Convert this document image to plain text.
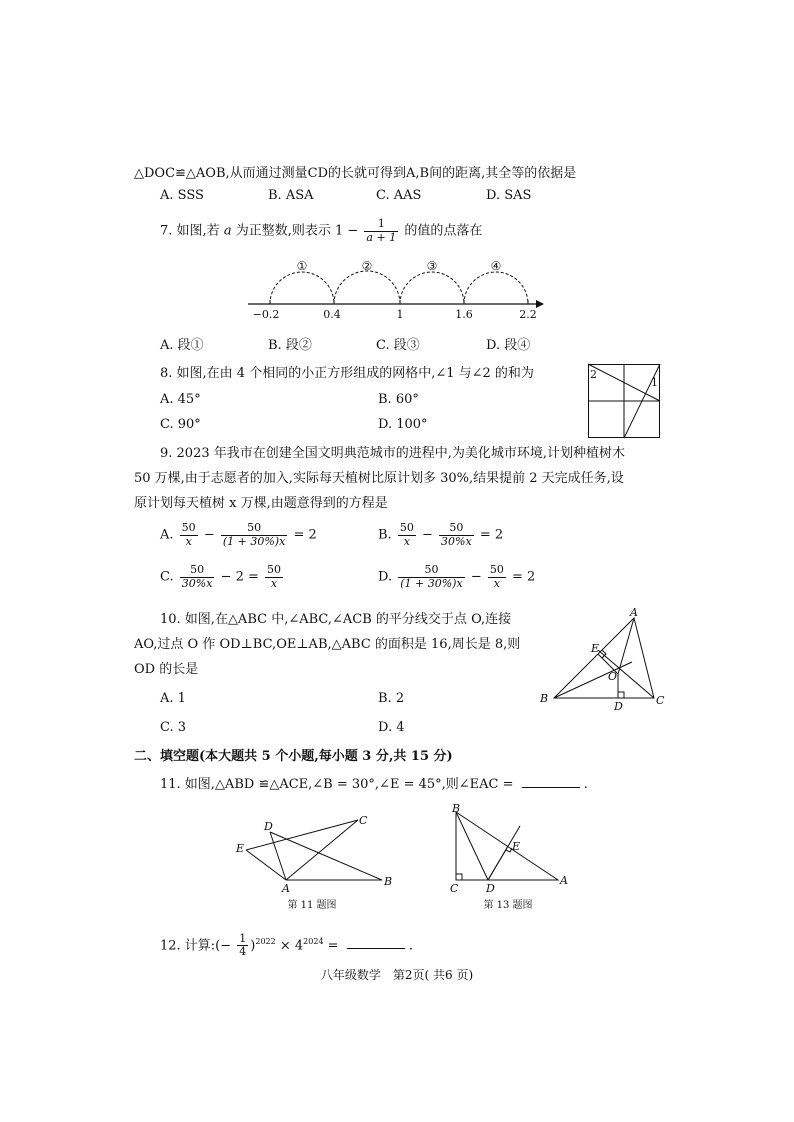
△DOC≌△AOB,从而通过测量CD的长就可得到A,B间的距离,其全等的依据是
A. SSS	B. ASA	C. AAS	D. SAS
7. 如图,若 a 为正整数,则表示 $1 - \frac{1}{a + 1}$ 的值的点落在
①	②	③	④
−0.2	0.4	1	1.6	2.2
A. 段①	B. 段②	C. 段③	D. 段④
8. 如图,在由 4 个相同的小正方形组成的网格中,∠1 与∠2 的和为
A. 45°	B. 60°
C. 90°	D. 100°
2
1
9. 2023 年我市在创建全国文明典范城市的进程中,为美化城市环境,计划种植树木
50 万棵,由于志愿者的加入,实际每天植树比原计划多 30%,结果提前 2 天完成任务,设
原计划每天植树 x 万棵,由题意得到的方程是
A. $\frac{50}{x} - \frac{50}{(1 + 30\%)x} = 2$	B. $\frac{50}{x} - \frac{50}{30\%x} = 2$
C. $\frac{50}{30\%x} - 2 = \frac{50}{x}$	D. $\frac{50}{(1 + 30\%)x} - \frac{50}{x} = 2$
10. 如图,在△ABC 中,∠ABC,∠ACB 的平分线交于点 O,连接
AO,过点 O 作 OD⊥BC,OE⊥AB,△ABC 的面积是 16,周长是 8,则
OD 的长是
A. 1	B. 2
C. 3	D. 4
A
B	C
D
E
O
二、填空题(本大题共 5 个小题,每小题 3 分,共 15 分)
11. 如图,△ABD ≌△ACE,∠B = 30°,∠E = 45°,则∠EAC =	.
E
D	C
A
B
第 11 题图
B
C	D
A
E
第 13 题图
12. 计算:(− $\frac{1}{4} )^{2022} \times 4^{2024}$ =	.
八年级数学　第2页( 共6 页)
